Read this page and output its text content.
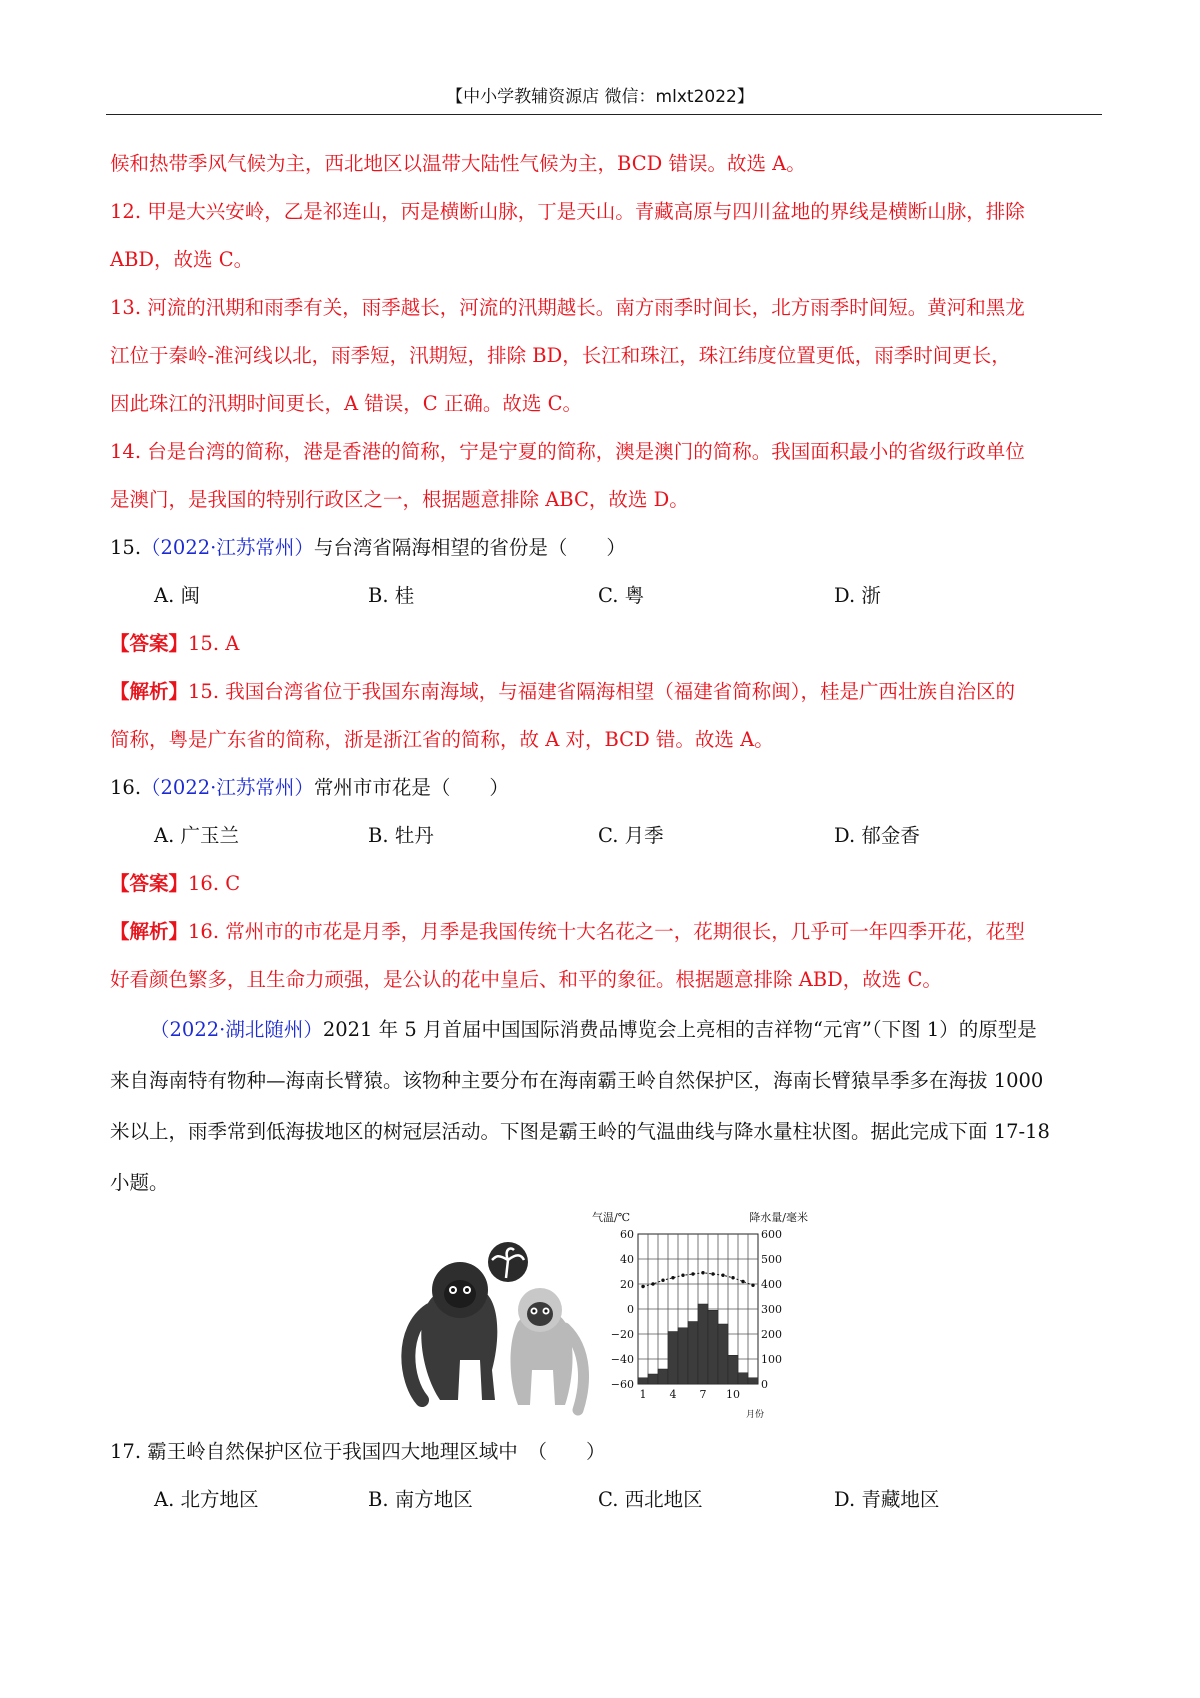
【中小学教辅资源店 微信：mlxt2022】
候和热带季风气候为主，西北地区以温带大陆性气候为主，BCD 错误。故选 A。
12. 甲是大兴安岭，乙是祁连山，丙是横断山脉，丁是天山。青藏高原与四川盆地的界线是横断山脉，排除
ABD，故选 C。
13. 河流的汛期和雨季有关，雨季越长，河流的汛期越长。南方雨季时间长，北方雨季时间短。黄河和黑龙
江位于秦岭-淮河线以北，雨季短，汛期短，排除 BD，长江和珠江，珠江纬度位置更低，雨季时间更长，
因此珠江的汛期时间更长，A 错误，C 正确。故选 C。
14. 台是台湾的简称，港是香港的简称，宁是宁夏的简称，澳是澳门的简称。我国面积最小的省级行政单位
是澳门，是我国的特别行政区之一，根据题意排除 ABC，故选 D。
15.（2022·江苏常州）与台湾省隔海相望的省份是（　　）
A. 闽	B. 桂	C. 粤	D. 浙
【答案】15. A
【解析】15. 我国台湾省位于我国东南海域，与福建省隔海相望（福建省简称闽），桂是广西壮族自治区的
简称，粤是广东省的简称，浙是浙江省的简称，故 A 对，BCD 错。故选 A。
16.（2022·江苏常州）常州市市花是（　　）
A. 广玉兰	B. 牡丹	C. 月季	D. 郁金香
【答案】16. C
【解析】16. 常州市的市花是月季，月季是我国传统十大名花之一，花期很长，几乎可一年四季开花，花型
好看颜色繁多，且生命力顽强，是公认的花中皇后、和平的象征。根据题意排除 ABD，故选 C。
（2022·湖北随州）2021 年 5 月首届中国国际消费品博览会上亮相的吉祥物“元宵”（下图 1）的原型是
来自海南特有物种—海南长臂猿。该物种主要分布在海南霸王岭自然保护区，海南长臂猿旱季多在海拔 1000
米以上，雨季常到低海拔地区的树冠层活动。下图是霸王岭的气温曲线与降水量柱状图。据此完成下面 17-18
小题。
气温/℃	降水量/毫米
60
40
20
0
−20
−40
−60
600
500
400
300
200
100
0
1 4 7 10
月份
17. 霸王岭自然保护区位于我国四大地理区域中　（　　）
A. 北方地区	B. 南方地区	C. 西北地区	D. 青藏地区
